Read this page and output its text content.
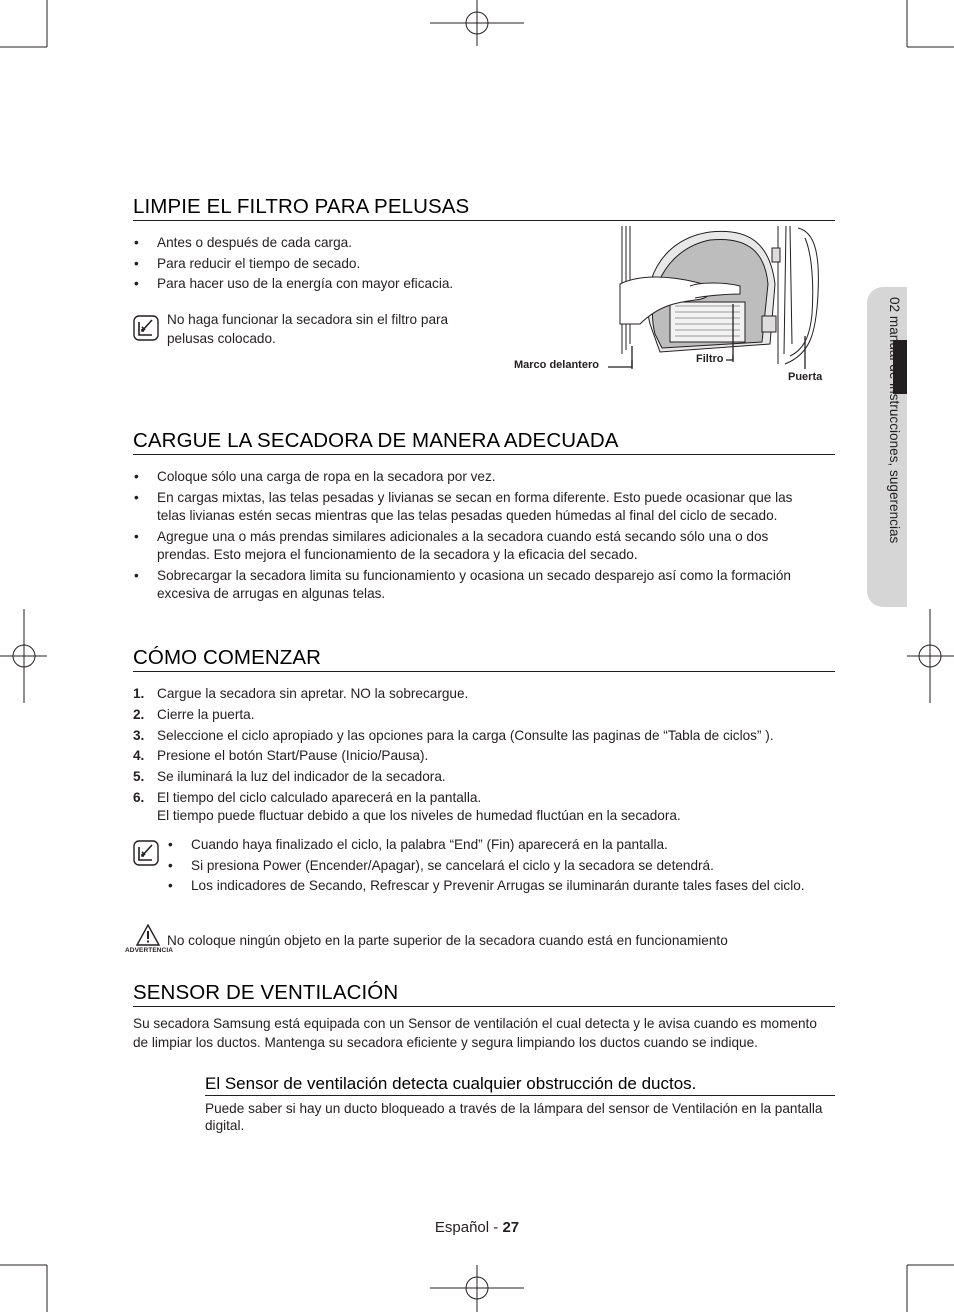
02 manual de instrucciones, sugerencias
LIMPIE EL FILTRO PARA PELUSAS
• Antes o después de cada carga.
• Para reducir el tiempo de secado.
• Para hacer uso de la energía con mayor eficacia.
No haga funcionar la secadora sin el filtro para pelusas colocado.
Marco delantero	Filtro
Puerta
CARGUE LA SECADORA DE MANERA ADECUADA
• Coloque sólo una carga de ropa en la secadora por vez.
• En cargas mixtas, las telas pesadas y livianas se secan en forma diferente. Esto puede ocasionar que las telas livianas estén secas mientras que las telas pesadas queden húmedas al final del ciclo de secado.
• Agregue una o más prendas similares adicionales a la secadora cuando está secando sólo una o dos prendas. Esto mejora el funcionamiento de la secadora y la eficacia del secado.
• Sobrecargar la secadora limita su funcionamiento y ocasiona un secado desparejo así como la formación excesiva de arrugas en algunas telas.
CÓMO COMENZAR
1. Cargue la secadora sin apretar. NO la sobrecargue.
2. Cierre la puerta.
3. Seleccione el ciclo apropiado y las opciones para la carga (Consulte las paginas de “Tabla de ciclos” ).
4. Presione el botón Start/Pause (Inicio/Pausa).
5. Se iluminará la luz del indicador de la secadora.
6. El tiempo del ciclo calculado aparecerá en la pantalla.
El tiempo puede fluctuar debido a que los niveles de humedad fluctúan en la secadora.
• Cuando haya finalizado el ciclo, la palabra “End” (Fin) aparecerá en la pantalla.
• Si presiona Power (Encender/Apagar), se cancelará el ciclo y la secadora se detendrá.
• Los indicadores de Secando, Refrescar y Prevenir Arrugas se iluminarán durante tales fases del ciclo.
ADVERTENCIA
No coloque ningún objeto en la parte superior de la secadora cuando está en funcionamiento
SENSOR DE VENTILACIÓN
Su secadora Samsung está equipada con un Sensor de ventilación el cual detecta y le avisa cuando es momento de limpiar los ductos. Mantenga su secadora eficiente y segura limpiando los ductos cuando se indique.
El Sensor de ventilación detecta cualquier obstrucción de ductos.
Puede saber si hay un ducto bloqueado a través de la lámpara del sensor de Ventilación en la pantalla digital.
Español - 27
